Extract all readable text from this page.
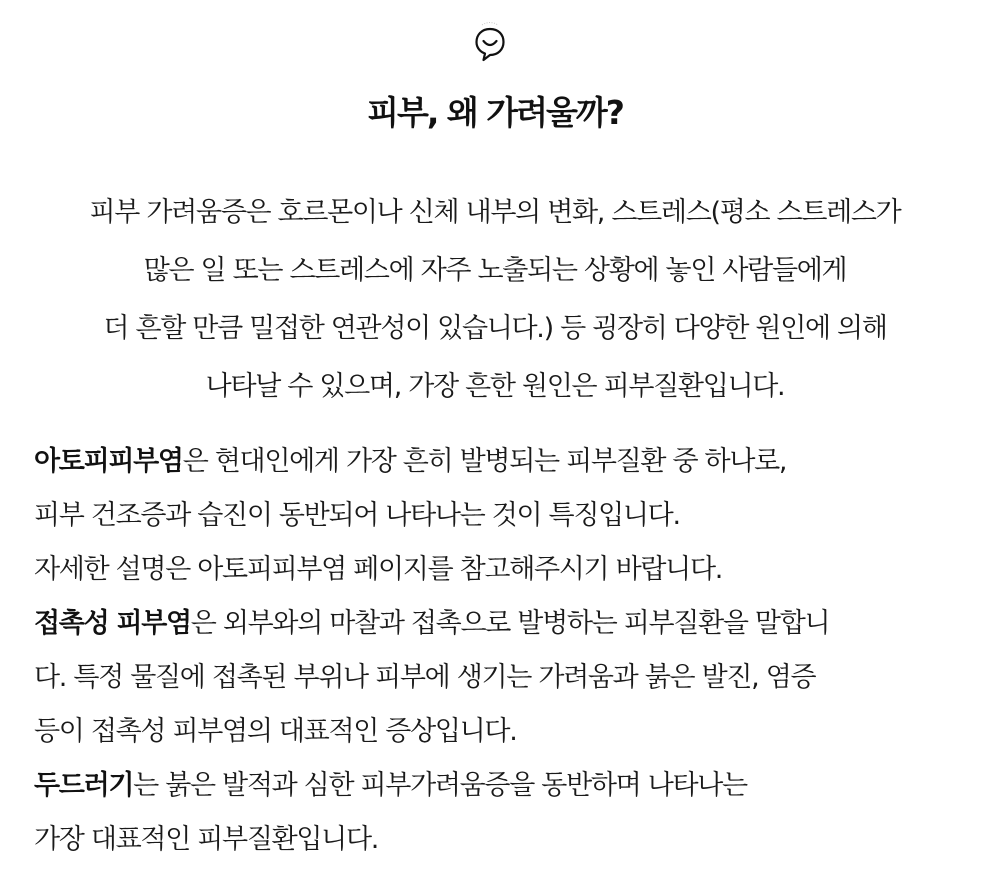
피부, 왜 가려울까?
피부 가려움증은 호르몬이나 신체 내부의 변화, 스트레스(평소 스트레스가
많은 일 또는 스트레스에 자주 노출되는 상황에 놓인 사람들에게
더 흔할 만큼 밀접한 연관성이 있습니다.) 등 굉장히 다양한 원인에 의해
나타날 수 있으며, 가장 흔한 원인은 피부질환입니다.
아토피피부염은 현대인에게 가장 흔히 발병되는 피부질환 중 하나로,
피부 건조증과 습진이 동반되어 나타나는 것이 특징입니다.
자세한 설명은 아토피피부염 페이지를 참고해주시기 바랍니다.
접촉성 피부염은 외부와의 마찰과 접촉으로 발병하는 피부질환을 말합니
다. 특정 물질에 접촉된 부위나 피부에 생기는 가려움과 붉은 발진, 염증
등이 접촉성 피부염의 대표적인 증상입니다.
두드러기는 붉은 발적과 심한 피부가려움증을 동반하며 나타나는
가장 대표적인 피부질환입니다.
